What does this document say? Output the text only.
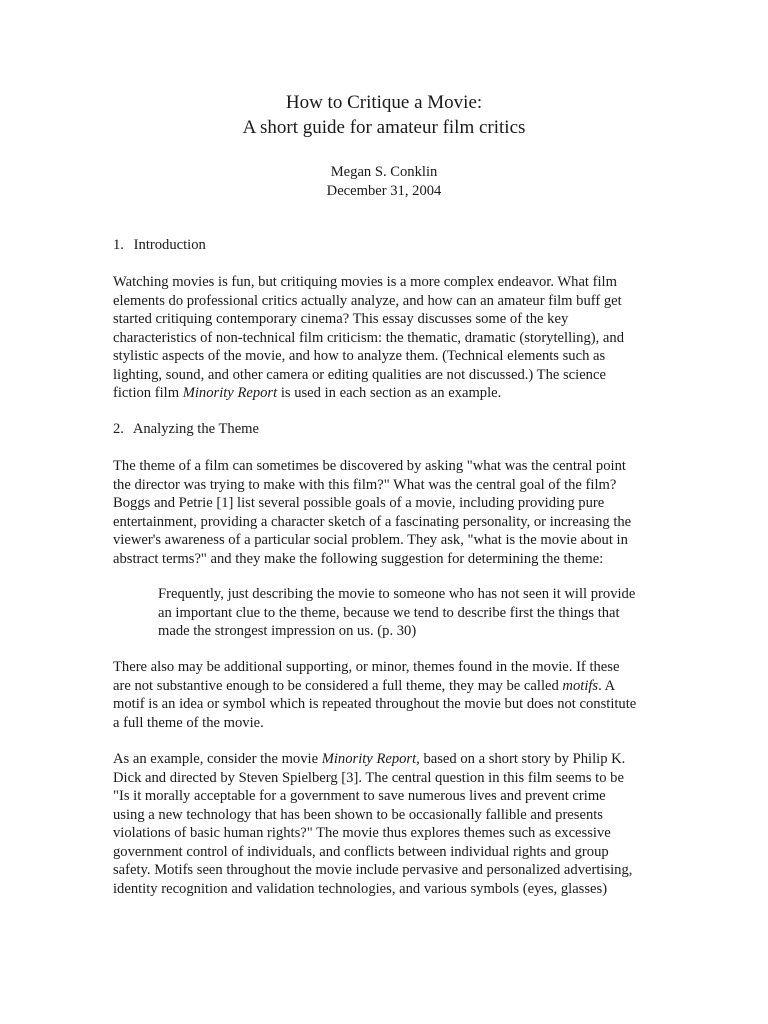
How to Critique a Movie:
A short guide for amateur film critics
Megan S. Conklin
December 31, 2004

1. Introduction

Watching movies is fun, but critiquing movies is a more complex endeavor. What film
elements do professional critics actually analyze, and how can an amateur film buff get
started critiquing contemporary cinema? This essay discusses some of the key
characteristics of non-technical film criticism: the thematic, dramatic (storytelling), and
stylistic aspects of the movie, and how to analyze them. (Technical elements such as
lighting, sound, and other camera or editing qualities are not discussed.) The science
fiction film Minority Report is used in each section as an example.

2. Analyzing the Theme

The theme of a film can sometimes be discovered by asking "what was the central point
the director was trying to make with this film?" What was the central goal of the film?
Boggs and Petrie [1] list several possible goals of a movie, including providing pure
entertainment, providing a character sketch of a fascinating personality, or increasing the
viewer's awareness of a particular social problem. They ask, "what is the movie about in
abstract terms?" and they make the following suggestion for determining the theme:

Frequently, just describing the movie to someone who has not seen it will provide
an important clue to the theme, because we tend to describe first the things that
made the strongest impression on us. (p. 30)

There also may be additional supporting, or minor, themes found in the movie. If these
are not substantive enough to be considered a full theme, they may be called motifs. A
motif is an idea or symbol which is repeated throughout the movie but does not constitute
a full theme of the movie.

As an example, consider the movie Minority Report, based on a short story by Philip K.
Dick and directed by Steven Spielberg [3]. The central question in this film seems to be
"Is it morally acceptable for a government to save numerous lives and prevent crime
using a new technology that has been shown to be occasionally fallible and presents
violations of basic human rights?" The movie thus explores themes such as excessive
government control of individuals, and conflicts between individual rights and group
safety. Motifs seen throughout the movie include pervasive and personalized advertising,
identity recognition and validation technologies, and various symbols (eyes, glasses)
